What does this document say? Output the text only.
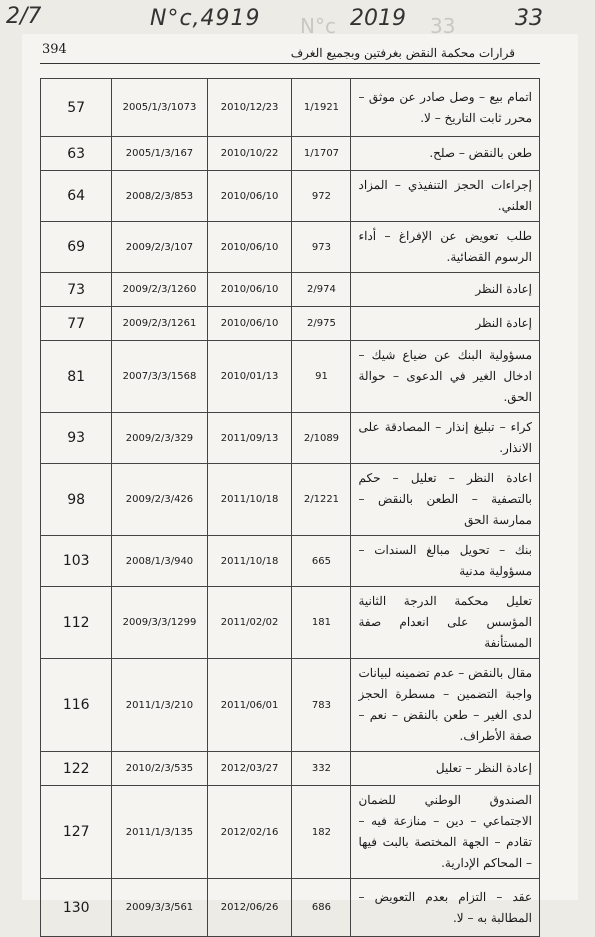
33
N°c
2/7	N°c,4919	2019	33
394	قرارات محكمة النقض بغرفتين وبجميع الغرف
اتمام بيع – وصل صادر عن موثق – محرر ثابت التاريخ – لا.	1/1921	2010/12/23	2005/1/3/1073	57
طعن بالنقض – صلح.	1/1707	2010/10/22	2005/1/3/167	63
إجراءات الحجز التنفيذي – المزاد العلني.	972	2010/06/10	2008/2/3/853	64
طلب تعويض عن الإفراغ – أداء الرسوم القضائية.	973	2010/06/10	2009/2/3/107	69
إعادة النظر	2/974	2010/06/10	2009/2/3/1260	73
إعادة النظر	2/975	2010/06/10	2009/2/3/1261	77
مسؤولية البنك عن ضياع شيك – ادخال الغير في الدعوى – حوالة الحق.	91	2010/01/13	2007/3/3/1568	81
كراء – تبليغ إنذار – المصادقة على الانذار.	2/1089	2011/09/13	2009/2/3/329	93
اعادة النظر – تعليل – حكم بالتصفية – الطعن بالنقض – ممارسة الحق	2/1221	2011/10/18	2009/2/3/426	98
بنك – تحويل مبالغ السندات – مسؤولية مدنية	665	2011/10/18	2008/1/3/940	103
تعليل محكمة الدرجة الثانية المؤسس على انعدام صفة المستأنفة	181	2011/02/02	2009/3/3/1299	112
مقال بالنقض – عدم تضمينه لبيانات واجبة التضمين – مسطرة الحجز لدى الغير – طعن بالنقض – نعم – صفة الأطراف.	783	2011/06/01	2011/1/3/210	116
إعادة النظر – تعليل	332	2012/03/27	2010/2/3/535	122
الصندوق الوطني للضمان الاجتماعي – دين – منازعة فيه – تقادم – الجهة المختصة بالبت فيها – المحاكم الإدارية.	182	2012/02/16	2011/1/3/135	127
عقد – التزام بعدم التعويض – المطالبة به – لا.	686	2012/06/26	2009/3/3/561	130
